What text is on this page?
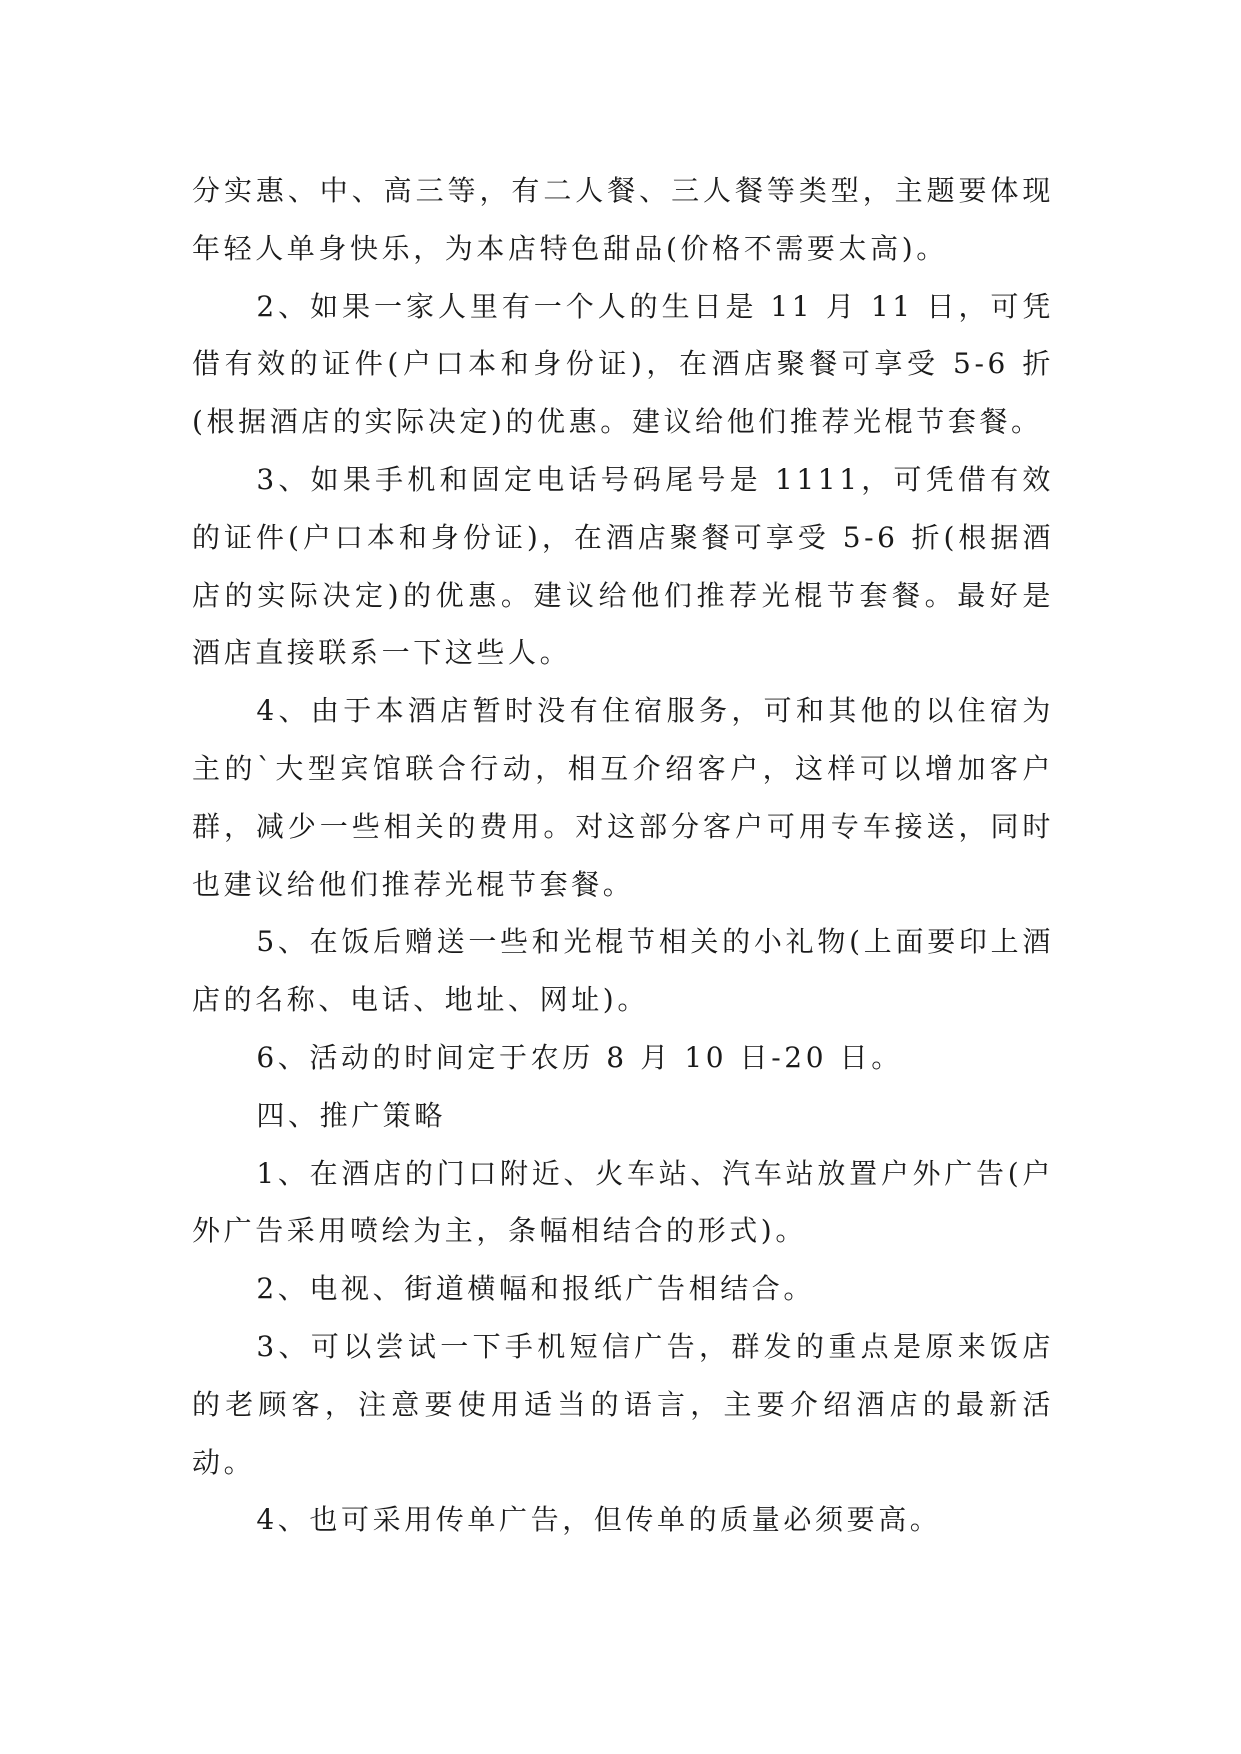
分实惠、中、高三等，有二人餐、三人餐等类型，主题要体现年轻人单身快乐，为本店特色甜品(价格不需要太高)。

2、如果一家人里有一个人的生日是 11 月 11 日，可凭借有效的证件(户口本和身份证)，在酒店聚餐可享受 5-6 折(根据酒店的实际决定)的优惠。建议给他们推荐光棍节套餐。

3、如果手机和固定电话号码尾号是 1111，可凭借有效的证件(户口本和身份证)，在酒店聚餐可享受 5-6 折(根据酒店的实际决定)的优惠。建议给他们推荐光棍节套餐。最好是酒店直接联系一下这些人。

4、由于本酒店暂时没有住宿服务，可和其他的以住宿为主的`大型宾馆联合行动，相互介绍客户，这样可以增加客户群，减少一些相关的费用。对这部分客户可用专车接送，同时也建议给他们推荐光棍节套餐。

5、在饭后赠送一些和光棍节相关的小礼物(上面要印上酒店的名称、电话、地址、网址)。

6、活动的时间定于农历 8 月 10 日-20 日。

四、推广策略

1、在酒店的门口附近、火车站、汽车站放置户外广告(户外广告采用喷绘为主，条幅相结合的形式)。

2、电视、街道横幅和报纸广告相结合。

3、可以尝试一下手机短信广告，群发的重点是原来饭店的老顾客，注意要使用适当的语言，主要介绍酒店的最新活动。

4、也可采用传单广告，但传单的质量必须要高。
